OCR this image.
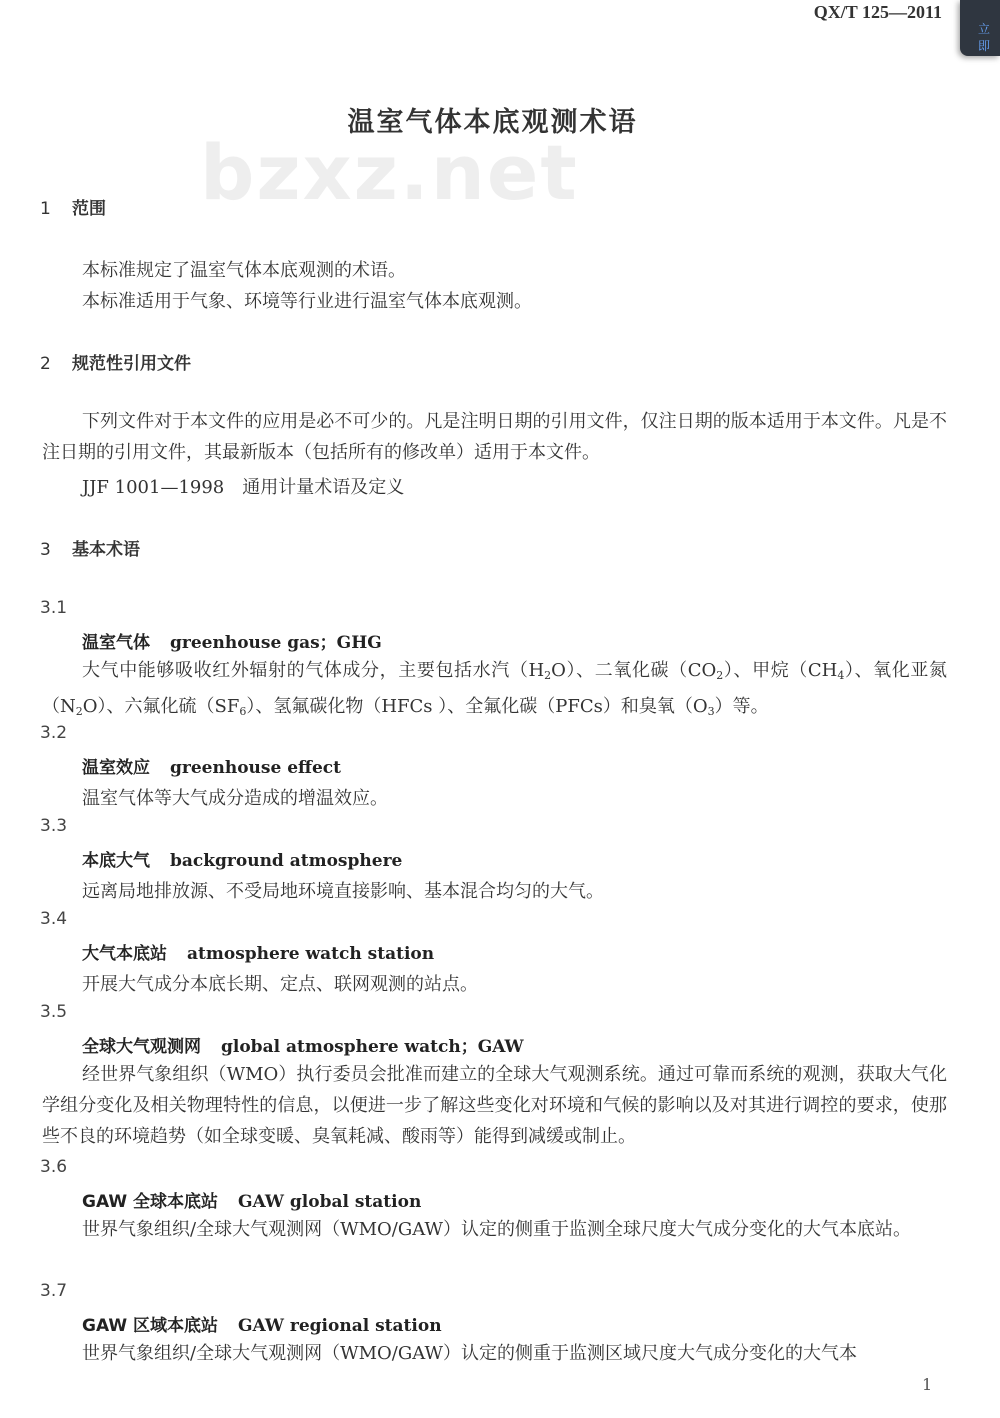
QX/T 125—2011
立即
温室气体本底观测术语
bzxz.net
1 范围
本标准规定了温室气体本底观测的术语。
本标准适用于气象、环境等行业进行温室气体本底观测。
2 规范性引用文件
下列文件对于本文件的应用是必不可少的。凡是注明日期的引用文件，仅注日期的版本适用于本文件。凡是不注日期的引用文件，其最新版本（包括所有的修改单）适用于本文件。
JJF 1001—1998　通用计量术语及定义
3 基本术语
3.1
温室气体 greenhouse gas；GHG
大气中能够吸收红外辐射的气体成分，主要包括水汽$(H_2O)$、二氧化碳$(CO_2)$、甲烷$(CH_4)$、氧化亚氮$(N_2O)$、六氟化硫$(SF_6)$、氢氟碳化物（HFCs ）、全氟化碳（PFCs）和臭氧$(O_3)$等。
3.2
温室效应 greenhouse effect
温室气体等大气成分造成的增温效应。
3.3
本底大气 background atmosphere
远离局地排放源、不受局地环境直接影响、基本混合均匀的大气。
3.4
大气本底站 atmosphere watch station
开展大气成分本底长期、定点、联网观测的站点。
3.5
全球大气观测网 global atmosphere watch；GAW
经世界气象组织（WMO）执行委员会批准而建立的全球大气观测系统。通过可靠而系统的观测，获取大气化学组分变化及相关物理特性的信息，以便进一步了解这些变化对环境和气候的影响以及对其进行调控的要求，使那些不良的环境趋势（如全球变暖、臭氧耗减、酸雨等）能得到减缓或制止。
3.6
GAW 全球本底站 GAW global station
世界气象组织/全球大气观测网（WMO/GAW）认定的侧重于监测全球尺度大气成分变化的大气本底站。
3.7
GAW 区域本底站 GAW regional station
世界气象组织/全球大气观测网（WMO/GAW）认定的侧重于监测区域尺度大气成分变化的大气本
1
